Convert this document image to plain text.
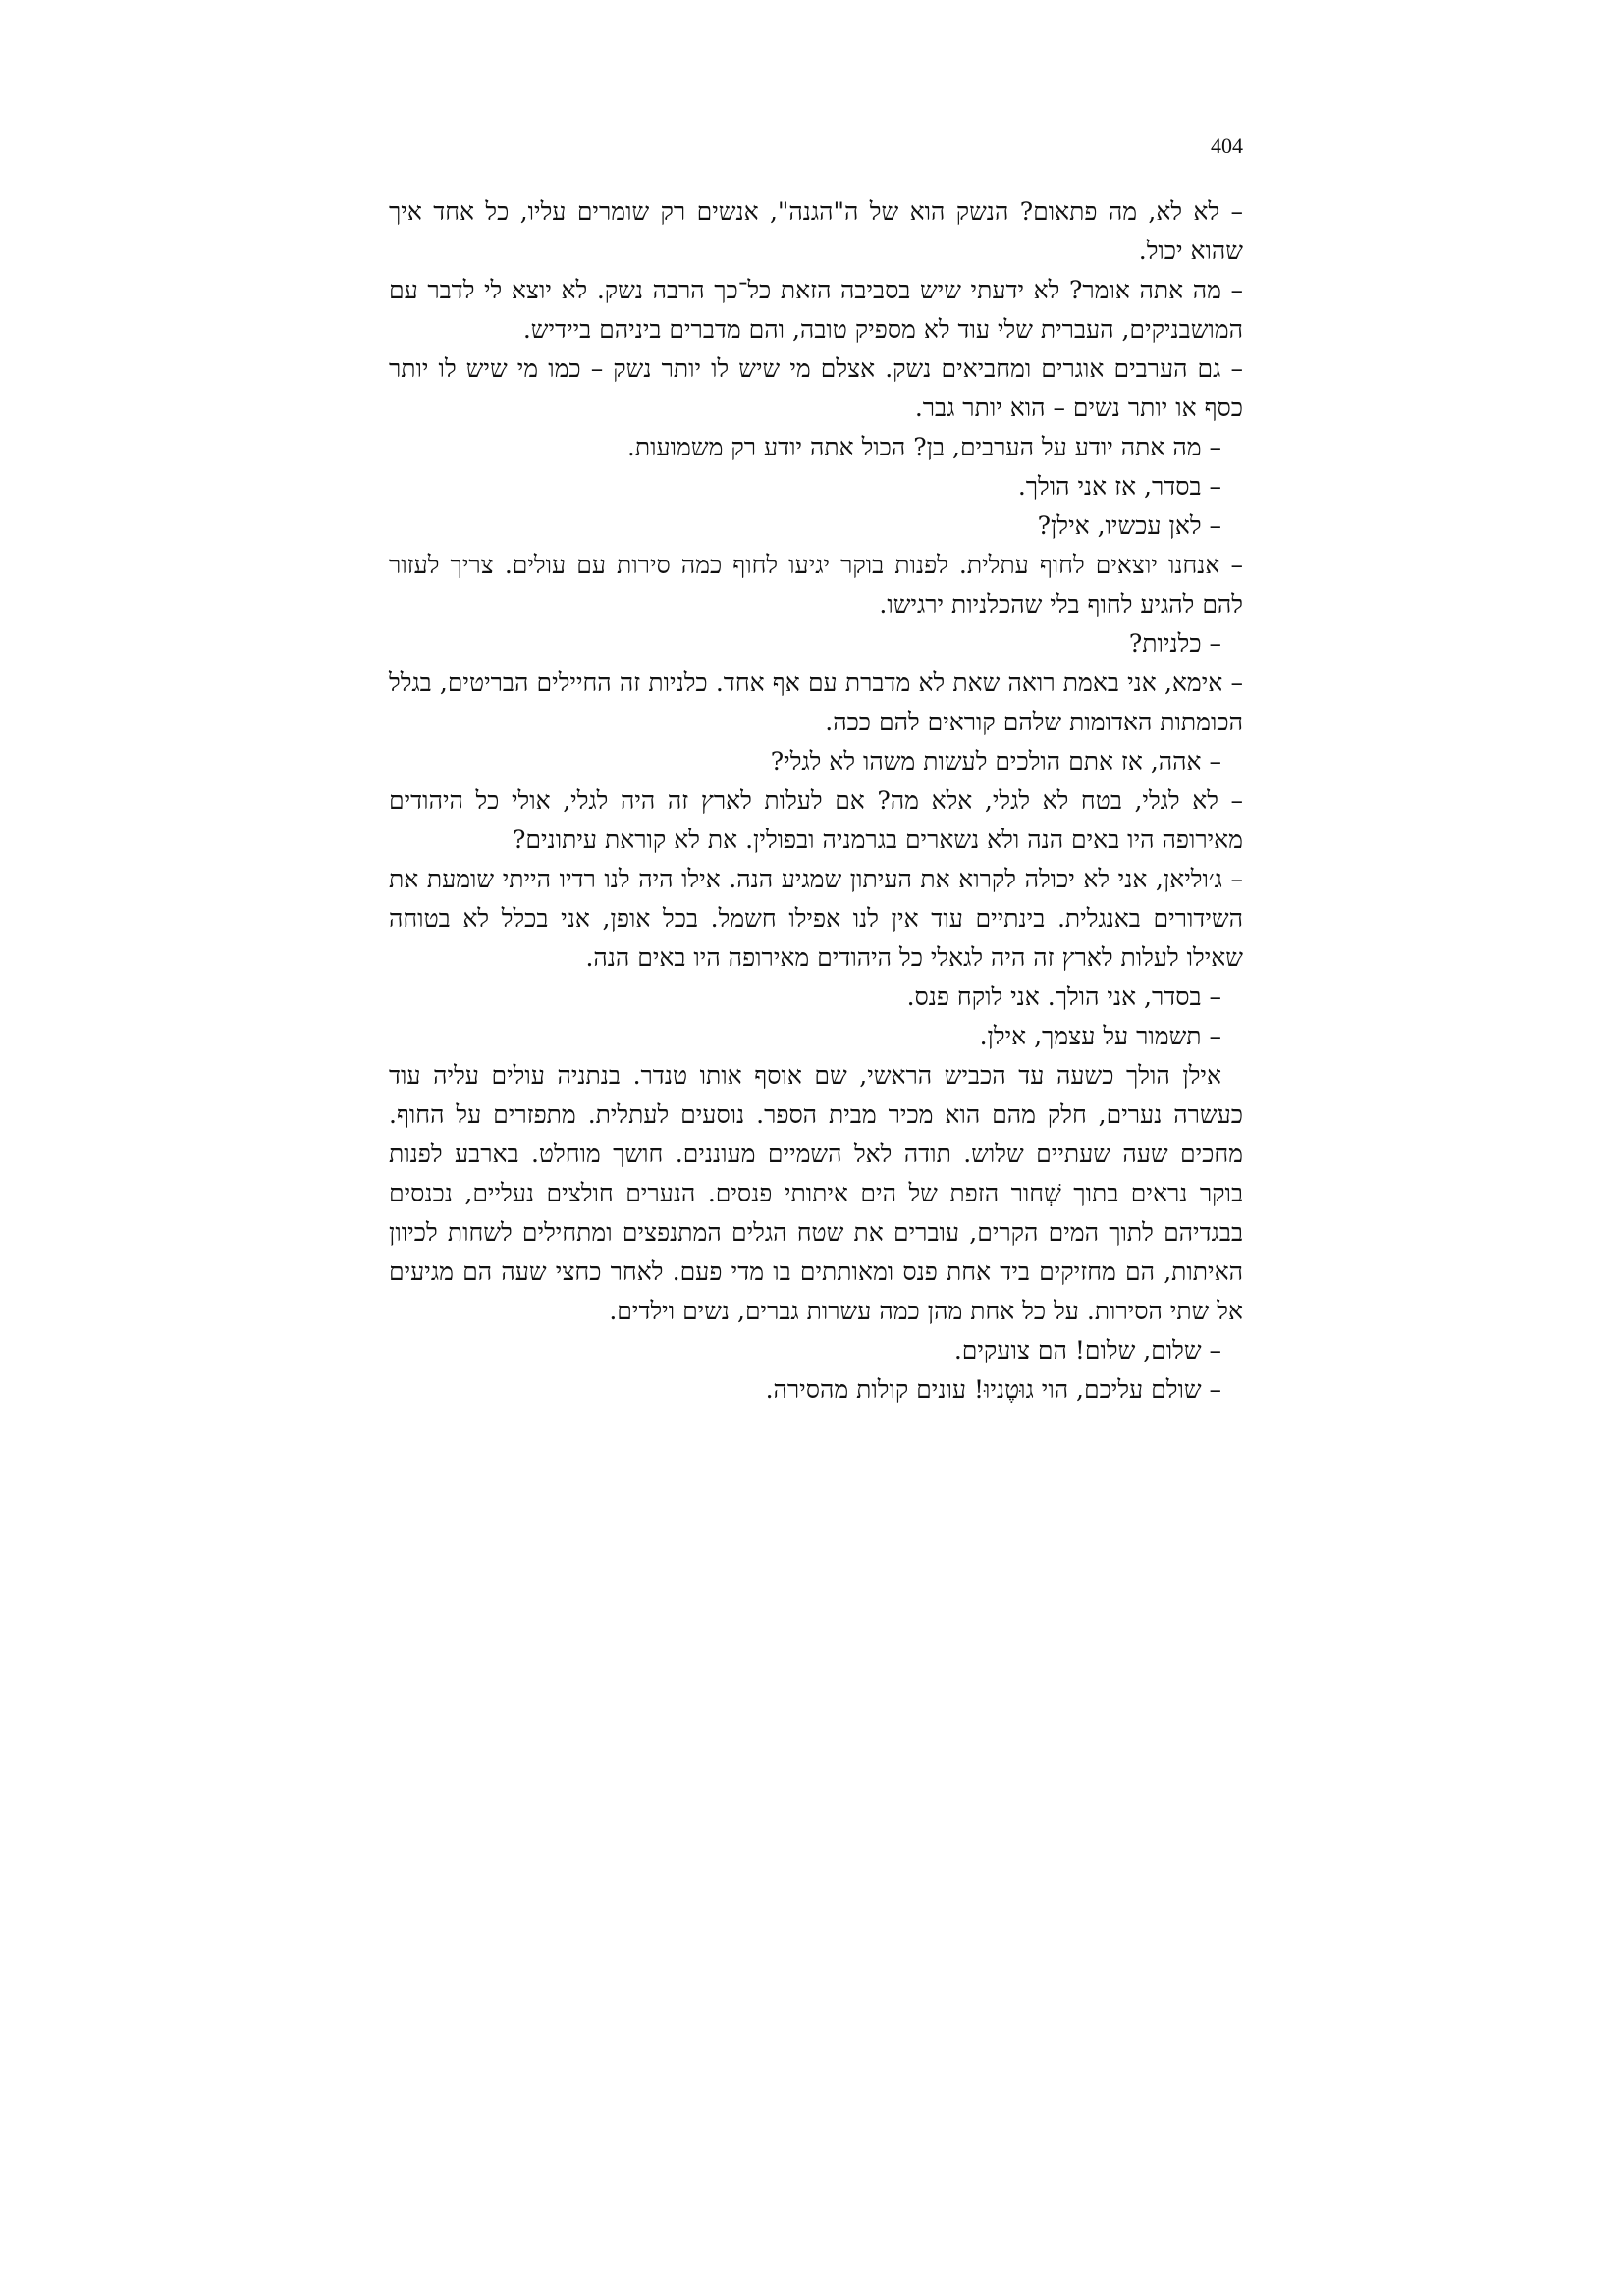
404

– לא לא, מה פתאום? הנשק הוא של ה"הגנה", אנשים רק שומרים עליו, כל אחד איך שהוא יכול.

– מה אתה אומר? לא ידעתי שיש בסביבה הזאת כל־כך הרבה נשק. לא יוצא לי לדבר עם המושבניקים, העברית שלי עוד לא מספיק טובה, והם מדברים ביניהם ביידיש.

– גם הערבים אוגרים ומחביאים נשק. אצלם מי שיש לו יותר נשק – כמו מי שיש לו יותר כסף או יותר נשים – הוא יותר גבר.

– מה אתה יודע על הערבים, בן? הכול אתה יודע רק משמועות.

– בסדר, אז אני הולך.

– לאן עכשיו, אילן?

– אנחנו יוצאים לחוף עתלית. לפנות בוקר יגיעו לחוף כמה סירות עם עולים. צריך לעזור להם להגיע לחוף בלי שהכלניות ירגישו.

– כלניות?

– אימא, אני באמת רואה שאת לא מדברת עם אף אחד. כלניות זה החיילים הבריטים, בגלל הכומתות האדומות שלהם קוראים להם ככה.

– אהה, אז אתם הולכים לעשות משהו לא לגלי?

– לא לגלי, בטח לא לגלי, אלא מה? אם לעלות לארץ זה היה לגלי, אולי כל היהודים מאירופה היו באים הנה ולא נשארים בגרמניה ובפולין. את לא קוראת עיתונים?

– ג׳וליאן, אני לא יכולה לקרוא את העיתון שמגיע הנה. אילו היה לנו רדיו הייתי שומעת את השידורים באנגלית. בינתיים עוד אין לנו אפילו חשמל. בכל אופן, אני בכלל לא בטוחה שאילו לעלות לארץ זה היה לגאלי כל היהודים מאירופה היו באים הנה.

– בסדר, אני הולך. אני לוקח פנס.

– תשמור על עצמך, אילן.

אילן הולך כשעה עד הכביש הראשי, שם אוסף אותו טנדר. בנתניה עולים עליה עוד כעשרה נערים, חלק מהם הוא מכיר מבית הספר. נוסעים לעתלית. מתפזרים על החוף. מחכים שעה שעתיים שלוש. תודה לאל השמיים מעוננים. חושך מוחלט. בארבע לפנות בוקר נראים בתוך שְׁחור הזפת של הים איתותי פנסים. הנערים חולצים נעליים, נכנסים בבגדיהם לתוך המים הקרים, עוברים את שטח הגלים המתנפצים ומתחילים לשחות לכיוון האיתות, הם מחזיקים ביד אחת פנס ומאותתים בו מדי פעם. לאחר כחצי שעה הם מגיעים אל שתי הסירות. על כל אחת מהן כמה עשרות גברים, נשים וילדים.

– שלום, שלום! הם צועקים.

– שולם עליכם, הוי גוּטֶניוּ! עונים קולות מהסירה.
